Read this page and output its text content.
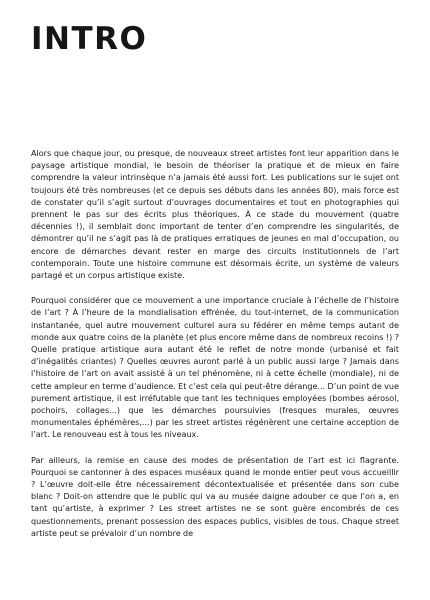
INTRO

Alors que chaque jour, ou presque, de nouveaux street artistes font leur apparition dans le paysage artistique mondial, le besoin de théoriser la pratique et de mieux en faire comprendre la valeur intrinsèque n’a jamais été aussi fort. Les publications sur le sujet ont toujours été très nombreuses (et ce depuis ses débuts dans les années 80), mais force est de constater qu’il s’agit surtout d’ouvrages documentaires et tout en photographies qui prennent le pas sur des écrits plus théoriques. À ce stade du mouvement (quatre décennies !), il semblait donc important de tenter d’en comprendre les singularités, de démontrer qu’il ne s’agit pas là de pratiques erratiques de jeunes en mal d’occupation, ou encore de démarches devant rester en marge des circuits institutionnels de l’art contemporain. Toute une histoire commune est désormais écrite, un système de valeurs partagé et un corpus artistique existe.

Pourquoi considérer que ce mouvement a une importance cruciale à l’échelle de l’histoire de l’art ? À l’heure de la mondialisation effrénée, du tout-internet, de la communication instantanée, quel autre mouvement culturel aura su fédérer en même temps autant de monde aux quatre coins de la planète (et plus encore même dans de nombreux recoins !) ? Quelle pratique artistique aura autant été le reflet de notre monde (urbanisé et fait d’inégalités criantes) ? Quelles œuvres auront parlé à un public aussi large ? Jamais dans l’histoire de l’art on avait assisté à un tel phénomène, ni à cette échelle (mondiale), ni de cette ampleur en terme d’audience. Et c’est cela qui peut-être dérange... D’un point de vue purement artistique, il est irréfutable que tant les techniques employées (bombes aérosol, pochoirs, collages...) que les démarches poursuivies (fresques murales, œuvres monumentales éphémères,...) par les street artistes régénèrent une certaine acception de l’art. Le renouveau est à tous les niveaux.

Par ailleurs, la remise en cause des modes de présentation de l’art est ici flagrante. Pourquoi se cantonner à des espaces muséaux quand le monde entier peut vous accueillir ? L’œuvre doit-elle être nécessairement décontextualisée et présentée dans son cube blanc ? Doit-on attendre que le public qui va au musée daigne adouber ce que l’on a, en tant qu’artiste, à exprimer ? Les street artistes ne se sont guère encombrés de ces questionnements, prenant possession des espaces publics, visibles de tous. Chaque street artiste peut se prévaloir d’un nombre de
